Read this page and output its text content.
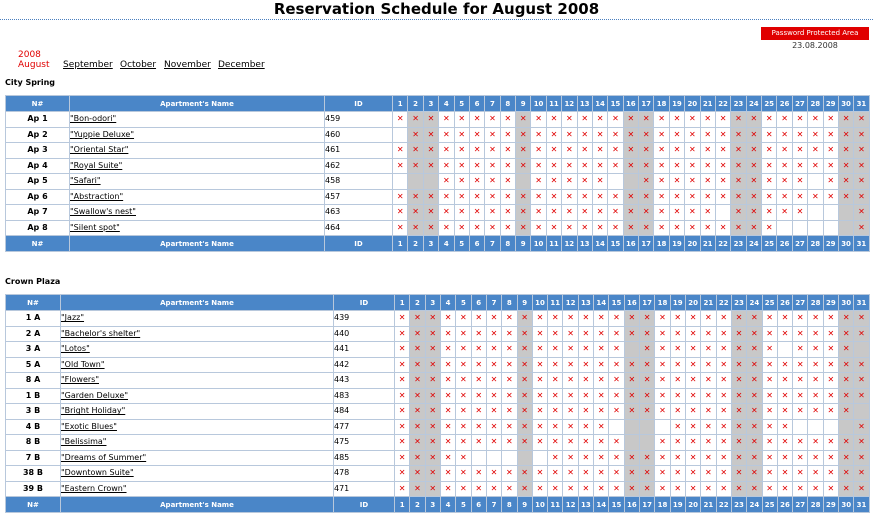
Reservation Schedule for August 2008
Password Protected Area
23.08.2008
2008
August September October November December
City Spring
N#	Apartment's Name	ID	1	2	3	4	5	6	7	8	9	10	11	12	13	14	15	16	17	18	19	20	21	22	23	24	25	26	27	28	29	30	31
Ap 1	"Bon-odori"	459	✕	✕	✕	✕	✕	✕	✕	✕	✕	✕	✕	✕	✕	✕	✕	✕	✕	✕	✕	✕	✕	✕	✕	✕	✕	✕	✕	✕	✕	✕	✕
Ap 2	"Yuppie Deluxe"	460		✕	✕	✕	✕	✕	✕	✕	✕	✕	✕	✕	✕	✕	✕	✕	✕	✕	✕	✕	✕	✕	✕	✕	✕	✕	✕	✕	✕	✕	✕
Ap 3	"Oriental Star"	461	✕	✕	✕	✕	✕	✕	✕	✕	✕	✕	✕	✕	✕	✕	✕	✕	✕	✕	✕	✕	✕	✕	✕	✕	✕	✕	✕	✕	✕	✕	✕
Ap 4	"Royal Suite"	462	✕	✕	✕	✕	✕	✕	✕	✕	✕	✕	✕	✕	✕	✕	✕	✕	✕	✕	✕	✕	✕	✕	✕	✕	✕	✕	✕	✕	✕	✕	✕
Ap 5	"Safari"	458				✕	✕	✕	✕	✕		✕	✕	✕	✕	✕			✕	✕	✕	✕	✕	✕	✕	✕	✕	✕	✕		✕	✕	✕
Ap 6	"Abstraction"	457	✕	✕	✕	✕	✕	✕	✕	✕	✕	✕	✕	✕	✕	✕	✕	✕	✕	✕	✕	✕	✕	✕	✕	✕	✕	✕	✕	✕	✕	✕	✕
Ap 7	"Swallow's nest"	463	✕	✕	✕	✕	✕	✕	✕	✕	✕	✕	✕	✕	✕	✕	✕	✕	✕	✕	✕	✕	✕		✕	✕	✕	✕	✕				✕
Ap 8	"Silent spot"	464	✕	✕	✕	✕	✕	✕	✕	✕	✕	✕	✕	✕	✕	✕	✕	✕	✕	✕	✕	✕	✕	✕	✕	✕	✕						✕
N#	Apartment's Name	ID	1	2	3	4	5	6	7	8	9	10	11	12	13	14	15	16	17	18	19	20	21	22	23	24	25	26	27	28	29	30	31
Crown Plaza
N#	Apartment's Name	ID	1	2	3	4	5	6	7	8	9	10	11	12	13	14	15	16	17	18	19	20	21	22	23	24	25	26	27	28	29	30	31
1 A	"Jazz"	439	✕	✕	✕	✕	✕	✕	✕	✕	✕	✕	✕	✕	✕	✕	✕	✕	✕	✕	✕	✕	✕	✕	✕	✕	✕	✕	✕	✕	✕	✕	✕
2 A	"Bachelor's shelter"	440	✕	✕	✕	✕	✕	✕	✕	✕	✕	✕	✕	✕	✕	✕	✕	✕	✕	✕	✕	✕	✕	✕	✕	✕	✕	✕	✕	✕	✕	✕	✕
3 A	"Lotos"	441	✕	✕	✕	✕	✕	✕	✕	✕	✕	✕	✕	✕	✕	✕	✕		✕	✕	✕	✕	✕	✕	✕	✕	✕		✕	✕	✕	✕	
5 A	"Old Town"	442	✕	✕	✕	✕	✕	✕	✕	✕	✕	✕	✕	✕	✕	✕	✕	✕	✕	✕	✕	✕	✕	✕	✕	✕	✕	✕	✕	✕	✕	✕	✕
8 A	"Flowers"	443	✕	✕	✕	✕	✕	✕	✕	✕	✕	✕	✕	✕	✕	✕	✕	✕	✕	✕	✕	✕	✕	✕	✕	✕	✕	✕	✕	✕	✕	✕	✕
1 B	"Garden Deluxe"	483	✕	✕	✕	✕	✕	✕	✕	✕	✕	✕	✕	✕	✕	✕	✕	✕	✕	✕	✕	✕	✕	✕	✕	✕	✕	✕	✕	✕	✕	✕	✕
3 B	"Bright Holiday"	484	✕	✕	✕	✕	✕	✕	✕	✕	✕	✕	✕	✕	✕	✕	✕	✕	✕	✕	✕	✕	✕	✕	✕	✕	✕	✕	✕	✕	✕	✕	
4 B	"Exotic Blues"	477	✕	✕	✕	✕	✕	✕	✕	✕	✕	✕	✕	✕	✕	✕					✕	✕	✕	✕	✕	✕	✕	✕					✕
8 B	"Belissima"	475	✕	✕	✕	✕	✕	✕	✕	✕	✕	✕	✕	✕	✕	✕	✕			✕	✕	✕	✕	✕	✕	✕	✕	✕	✕	✕	✕	✕	✕
7 B	"Dreams of Summer"	485	✕	✕	✕	✕	✕						✕	✕	✕	✕	✕	✕	✕	✕	✕	✕	✕	✕	✕	✕	✕	✕	✕	✕	✕	✕	✕
38 B	"Downtown Suite"	478	✕	✕	✕	✕	✕	✕	✕	✕	✕	✕	✕	✕	✕	✕	✕	✕	✕	✕	✕	✕	✕	✕	✕	✕	✕	✕	✕	✕	✕	✕	✕
39 B	"Eastern Crown"	471	✕	✕	✕	✕	✕	✕	✕	✕	✕	✕	✕	✕	✕	✕	✕	✕	✕	✕	✕	✕	✕	✕	✕	✕	✕	✕	✕	✕	✕	✕	✕
N#	Apartment's Name	ID	1	2	3	4	5	6	7	8	9	10	11	12	13	14	15	16	17	18	19	20	21	22	23	24	25	26	27	28	29	30	31
